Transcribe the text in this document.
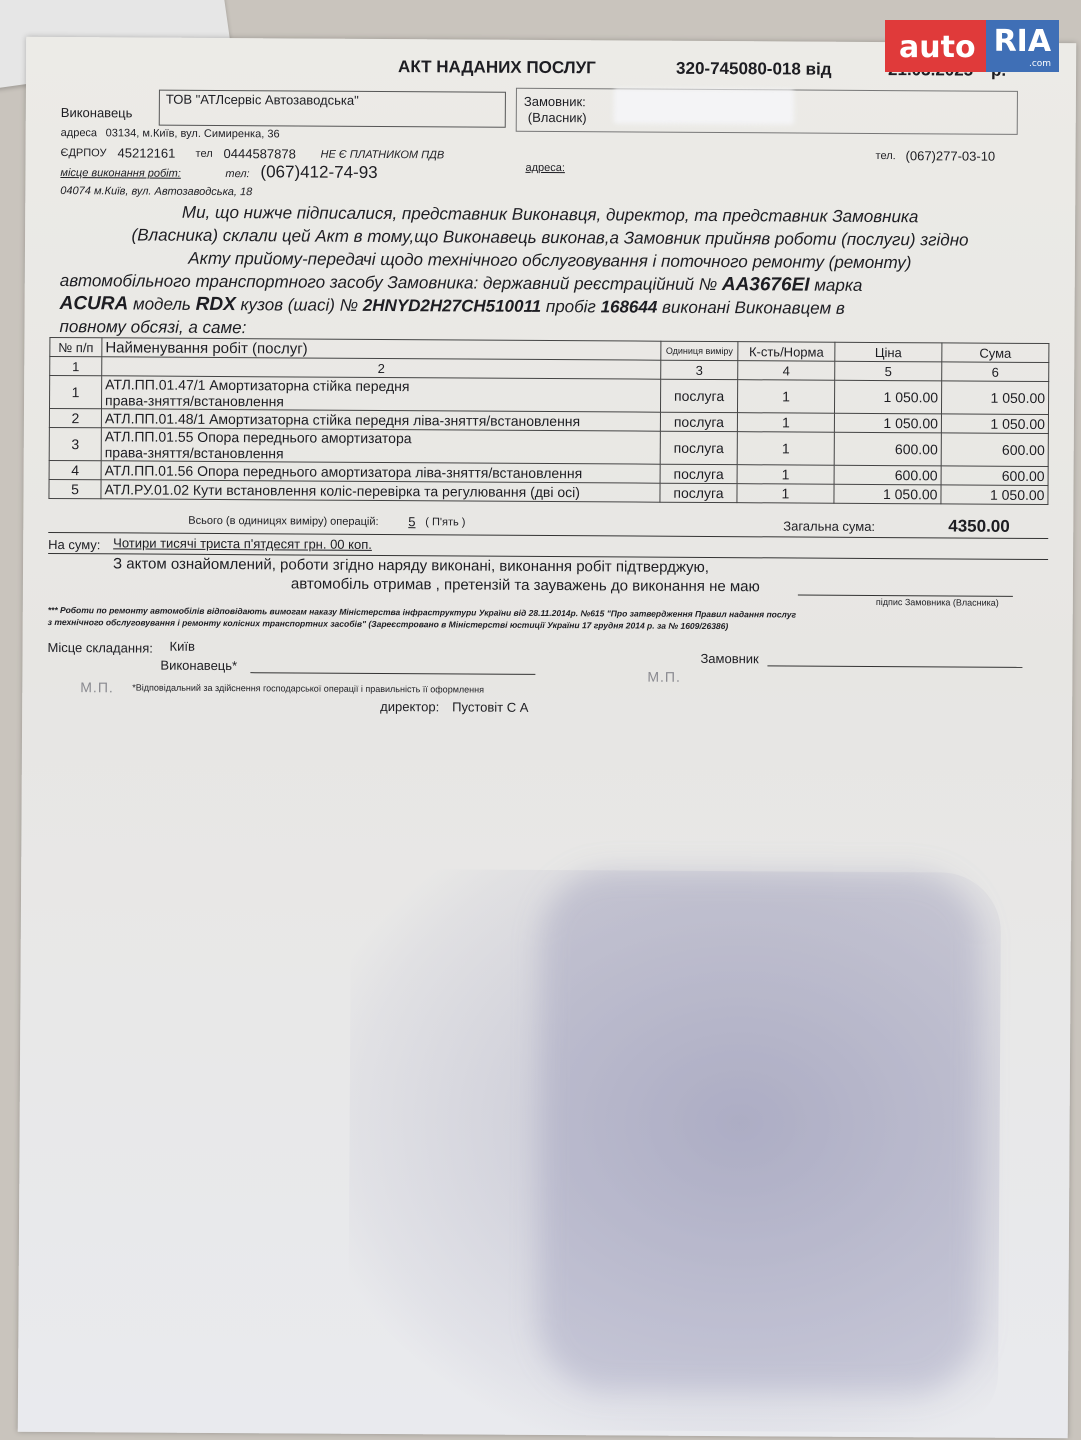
АКТ НАДАНИХ ПОСЛУГ	320-745080-018 від
Виконавець
ТОВ "АТЛсервіс Автозаводська"
адреса 03134, м.Київ, вул. Симиренка, 36
ЄДРПОУ 45212161 тел 0444587878 НЕ Є ПЛАТНИКОМ ПДВ
місце виконання робіт:	тел: (067)412-74-93
04074 м.Київ, вул. Автозаводська, 18
Замовник:
(Власник)
адреса:
тел. (067)277-03-10

Ми, що нижче підписалися, представник Виконавця, директор, та представник Замовника

(Власника) склали цей Акт в тому,що Виконавець виконав,а Замовник прийняв роботи (послуги) згідно

Акту прийому-передачі щодо технічного обслуговування і поточного ремонту (ремонту)

автомобільного транспортного засобу Замовника: державний реєстраційний № AA3676EI марка

ACURA модель RDX кузов (шасі) № 2HNYD2H27CH510011 пробіг 168644 виконані Виконавцем в

повному обсязі, а саме:

№ п/п	Найменування робіт (послуг)	Одиниця виміру	К-сть/Норма	Ціна	Сума
1	2	3	4	5	6
1	АТЛ.ПП.01.47/1 Амортизаторна стійка передня
права-зняття/встановлення	послуга	1	1 050.00	1 050.00
2	АТЛ.ПП.01.48/1 Амортизаторна стійка передня ліва-зняття/встановлення	послуга	1	1 050.00	1 050.00
3	АТЛ.ПП.01.55 Опора переднього амортизатора
права-зняття/встановлення	послуга	1	600.00	600.00
4	АТЛ.ПП.01.56 Опора переднього амортизатора ліва-зняття/встановлення	послуга	1	600.00	600.00
5	АТЛ.РУ.01.02 Кути встановлення коліс-перевірка та регулювання (дві осі)	послуга	1	1 050.00	1 050.00
Всього (в одиницях виміру) операцій: 5 ( П'ять )	Загальна сума:	4350.00
На суму: Чотири тисячі триста п'ятдесят грн. 00 коп.
З актом ознайомлений, роботи згідно наряду виконані, виконання робіт підтверджую,
автомобіль отримав , претензій та зауважень до виконання не маю
підпис Замовника (Власника)
*** Роботи по ремонту автомобілів відповідають вимогам наказу Міністерства інфраструктури України від 28.11.2014р. №615 "Про затвердження Правил надання послуг
з технічного обслуговування і ремонту колісних транспортних засобів" (Зареєстровано в Міністерстві юстиції України 17 грудня 2014 р. за № 1609/26386)
Місце складання: Київ
Виконавець*	Замовник
М.П.
М.П.
*Відповідальний за здійснення господарської операції і правильність її оформлення
директор: Пустовіт С А
auto RIA
.com
